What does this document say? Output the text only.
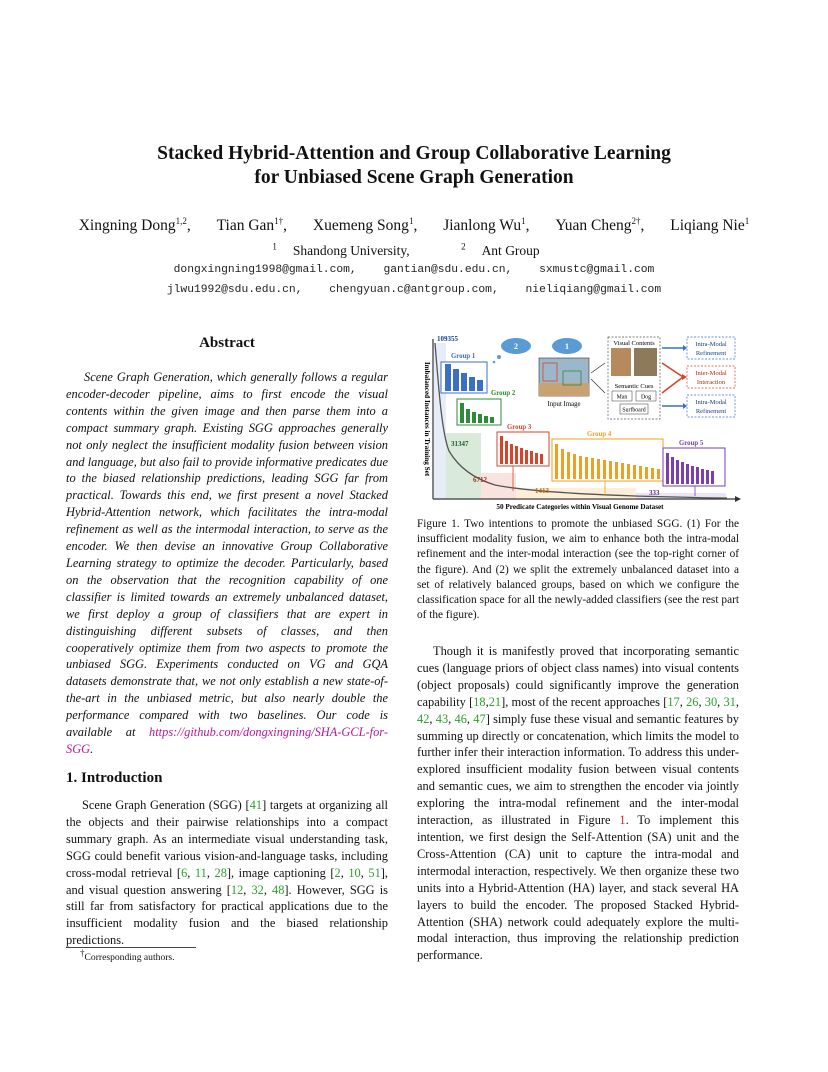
Stacked Hybrid-Attention and Group Collaborative Learning
for Unbiased Scene Graph Generation
Xingning Dong$^{1,2}$, Tian Gan$^{1\dagger}$, Xuemeng Song$^1$, Jianlong Wu$^1$, Yuan Cheng$^{2\dagger}$, Liqiang Nie$^1$
$^1$ Shandong University,	$^2$ Ant Group
dongxingning1998@gmail.com, gantian@sdu.edu.cn, sxmustc@gmail.com
jlwu1992@sdu.edu.cn, chengyuan.c@antgroup.com, nieliqiang@gmail.com
Abstract
Scene Graph Generation, which generally follows a regular encoder-decoder pipeline, aims to first encode the visual contents within the given image and then parse them into a compact summary graph. Existing SGG approaches generally not only neglect the insufficient modality fusion between vision and language, but also fail to provide informative predicates due to the biased relationship predictions, leading SGG far from practical. Towards this end, we first present a novel Stacked Hybrid-Attention network, which facilitates the intra-modal refinement as well as the intermodal interaction, to serve as the encoder. We then devise an innovative Group Collaborative Learning strategy to optimize the decoder. Particularly, based on the observation that the recognition capability of one classifier is limited towards an extremely unbalanced dataset, we first deploy a group of classifiers that are expert in distinguishing different subsets of classes, and then cooperatively optimize them from two aspects to promote the unbiased SGG. Experiments conducted on VG and GQA datasets demonstrate that, we not only establish a new state-of-the-art in the unbiased metric, but also nearly double the performance compared with two baselines. Our code is available at https://github.com/dongxingning/SHA-GCL-for-SGG.
1. Introduction
Scene Graph Generation (SGG) [41] targets at organizing all the objects and their pairwise relationships into a compact summary graph. As an intermediate visual understanding task, SGG could benefit various vision-and-language tasks, including cross-modal retrieval [6, 11, 28], image captioning [2, 10, 51], and visual question answering [12, 32, 48]. However, SGG is still far from satisfactory for practical applications due to the insufficient modality fusion and the biased relationship predictions.
†Corresponding authors.
Imbalanced Instances in Training Set
50 Predicate Categories within Visual Genome Dataset
109355
31347
6712
1413	333
Group 1
Group 2
Group 3
Group 4
Group 5
2	1
Input Image
Visual Contents
Semantic Cues
Man Dog
Surfboard
Intra-Modal
Refinement
Inter-Modal
Interaction
Intra-Modal
Refinement
Figure 1. Two intentions to promote the unbiased SGG. (1) For the insufficient modality fusion, we aim to enhance both the intra-modal refinement and the inter-modal interaction (see the top-right corner of the figure). And (2) we split the extremely unbalanced dataset into a set of relatively balanced groups, based on which we configure the classification space for all the newly-added classifiers (see the rest part of the figure).
Though it is manifestly proved that incorporating semantic cues (language priors of object class names) into visual contents (object proposals) could significantly improve the generation capability [18,21], most of the recent approaches [17, 26, 30, 31, 42, 43, 46, 47] simply fuse these visual and semantic features by summing up directly or concatenation, which limits the model to further infer their interaction information. To address this under-explored insufficient modality fusion between visual contents and semantic cues, we aim to strengthen the encoder via jointly exploring the intra-modal refinement and the inter-modal interaction, as illustrated in Figure 1. To implement this intention, we first design the Self-Attention (SA) unit and the Cross-Attention (CA) unit to capture the intra-modal and intermodal interaction, respectively. We then organize these two units into a Hybrid-Attention (HA) layer, and stack several HA layers to build the encoder. The proposed Stacked Hybrid-Attention (SHA) network could adequately explore the multi-modal interaction, thus improving the relationship prediction performance.
